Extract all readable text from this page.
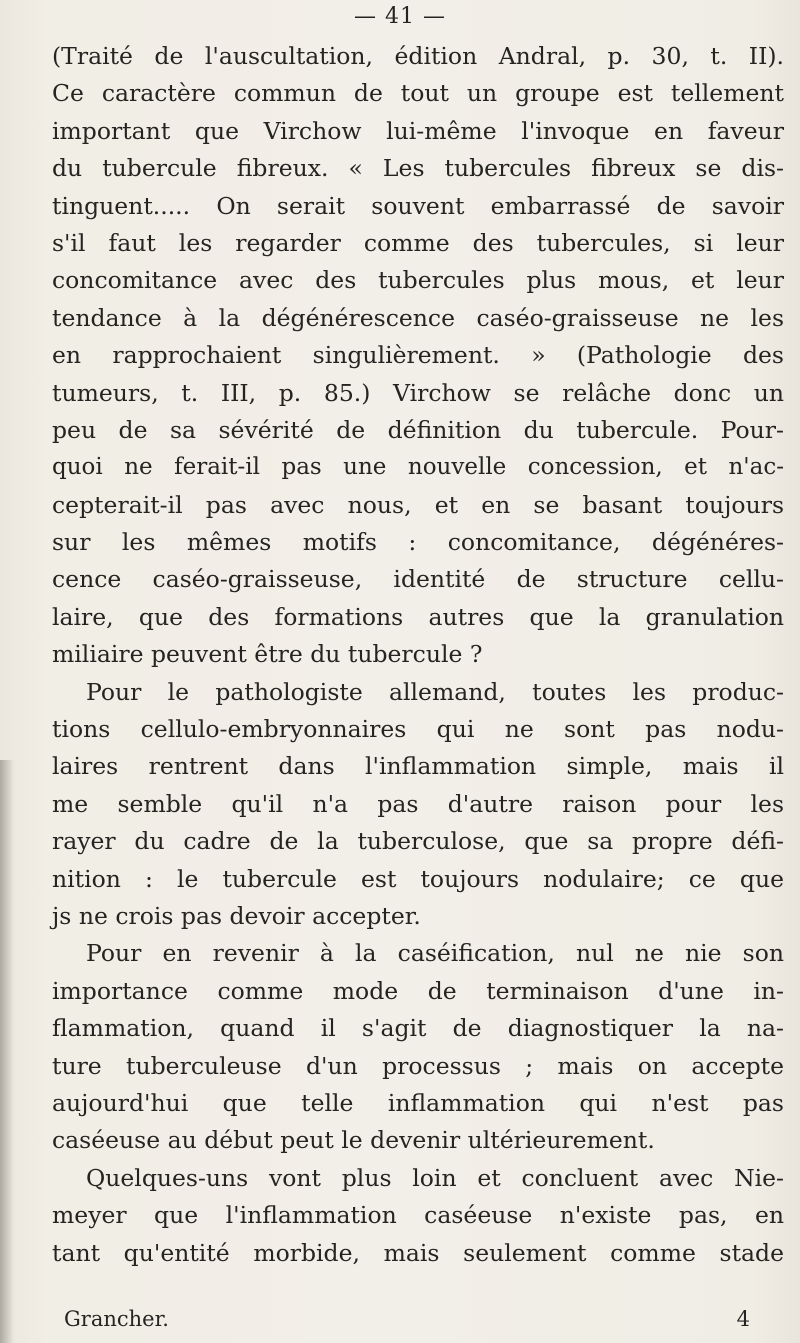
— 41 —
(Traité de l'auscultation, édition Andral, p. 30, t. II).
Ce caractère commun de tout un groupe est tellement
important que Virchow lui-même l'invoque en faveur
du tubercule fibreux. « Les tubercules fibreux se dis-
tinguent..... On serait souvent embarrassé de savoir
s'il faut les regarder comme des tubercules, si leur
concomitance avec des tubercules plus mous, et leur
tendance à la dégénérescence caséo-graisseuse ne les
en rapprochaient singulièrement. » (Pathologie des
tumeurs, t. III, p. 85.) Virchow se relâche donc un
peu de sa sévérité de définition du tubercule. Pour-
quoi ne ferait-il pas une nouvelle concession, et n'ac-
cepterait-il pas avec nous, et en se basant toujours
sur les mêmes motifs : concomitance, dégénéres-
cence caséo-graisseuse, identité de structure cellu-
laire, que des formations autres que la granulation
miliaire peuvent être du tubercule ?
Pour le pathologiste allemand, toutes les produc-
tions cellulo-embryonnaires qui ne sont pas nodu-
laires rentrent dans l'inflammation simple, mais il
me semble qu'il n'a pas d'autre raison pour les
rayer du cadre de la tuberculose, que sa propre défi-
nition : le tubercule est toujours nodulaire; ce que
js ne crois pas devoir accepter.
Pour en revenir à la caséification, nul ne nie son
importance comme mode de terminaison d'une in-
flammation, quand il s'agit de diagnostiquer la na-
ture tuberculeuse d'un processus ; mais on accepte
aujourd'hui que telle inflammation qui n'est pas
caséeuse au début peut le devenir ultérieurement.
Quelques-uns vont plus loin et concluent avec Nie-
meyer que l'inflammation caséeuse n'existe pas, en
tant qu'entité morbide, mais seulement comme stade
Grancher.	4
